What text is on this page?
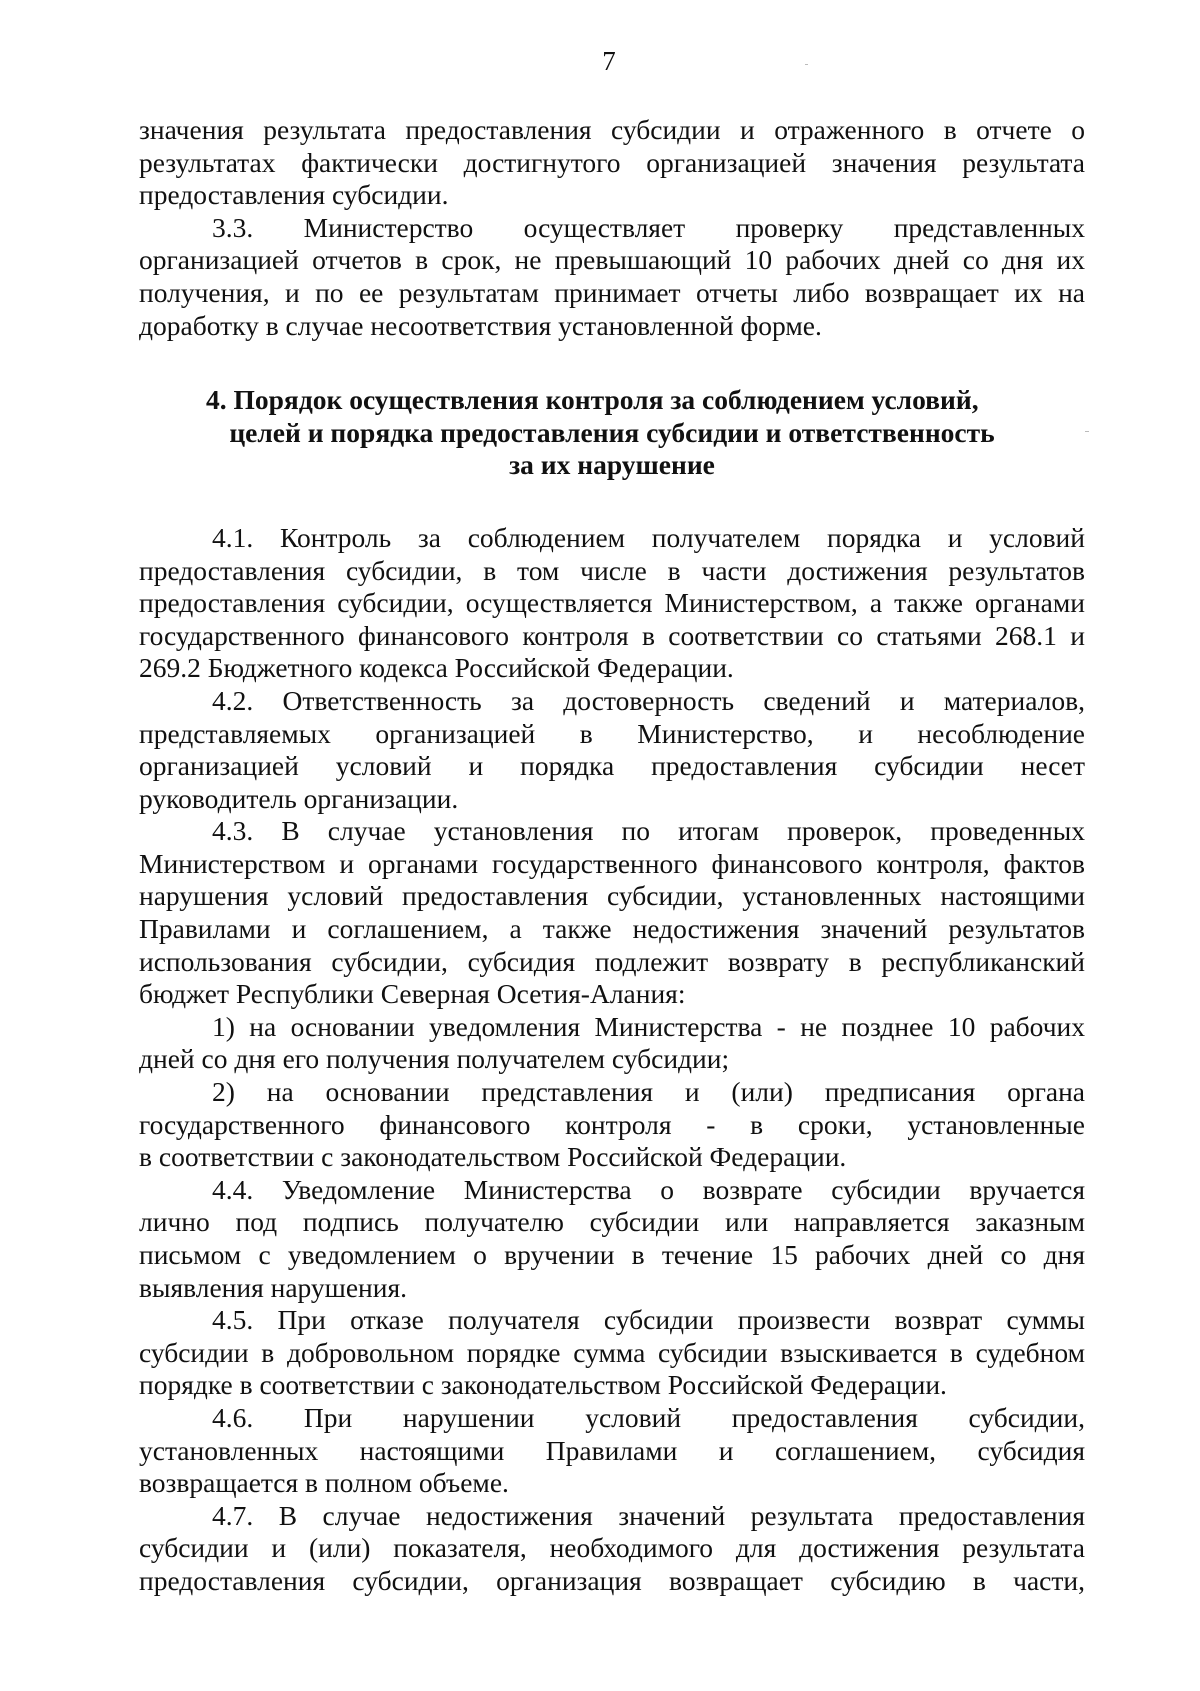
7
значения результата предоставления субсидии и отраженного в отчете о
результатах фактически достигнутого организацией значения результата
предоставления субсидии.
3.3. Министерство осуществляет проверку представленных
организацией отчетов в срок, не превышающий 10 рабочих дней со дня их
получения, и по ее результатам принимает отчеты либо возвращает их на
доработку в случае несоответствия установленной форме.
4. Порядок осуществления контроля за соблюдением условий,
целей и порядка предоставления субсидии и ответственность
за их нарушение
4.1. Контроль за соблюдением получателем порядка и условий
предоставления субсидии, в том числе в части достижения результатов
предоставления субсидии, осуществляется Министерством, а также органами
государственного финансового контроля в соответствии со статьями 268.1 и
269.2 Бюджетного кодекса Российской Федерации.
4.2. Ответственность за достоверность сведений и материалов,
представляемых организацией в Министерство, и несоблюдение
организацией условий и порядка предоставления субсидии несет
руководитель организации.
4.3. В случае установления по итогам проверок, проведенных
Министерством и органами государственного финансового контроля, фактов
нарушения условий предоставления субсидии, установленных настоящими
Правилами и соглашением, а также недостижения значений результатов
использования субсидии, субсидия подлежит возврату в республиканский
бюджет Республики Северная Осетия-Алания:
1) на основании уведомления Министерства - не позднее 10 рабочих
дней со дня его получения получателем субсидии;
2) на основании представления и (или) предписания органа
государственного финансового контроля - в сроки, установленные
в соответствии с законодательством Российской Федерации.
4.4. Уведомление Министерства о возврате субсидии вручается
лично под подпись получателю субсидии или направляется заказным
письмом с уведомлением о вручении в течение 15 рабочих дней со дня
выявления нарушения.
4.5. При отказе получателя субсидии произвести возврат суммы
субсидии в добровольном порядке сумма субсидии взыскивается в судебном
порядке в соответствии с законодательством Российской Федерации.
4.6. При нарушении условий предоставления субсидии,
установленных настоящими Правилами и соглашением, субсидия
возвращается в полном объеме.
4.7. В случае недостижения значений результата предоставления
субсидии и (или) показателя, необходимого для достижения результата
предоставления субсидии, организация возвращает субсидию в части,
